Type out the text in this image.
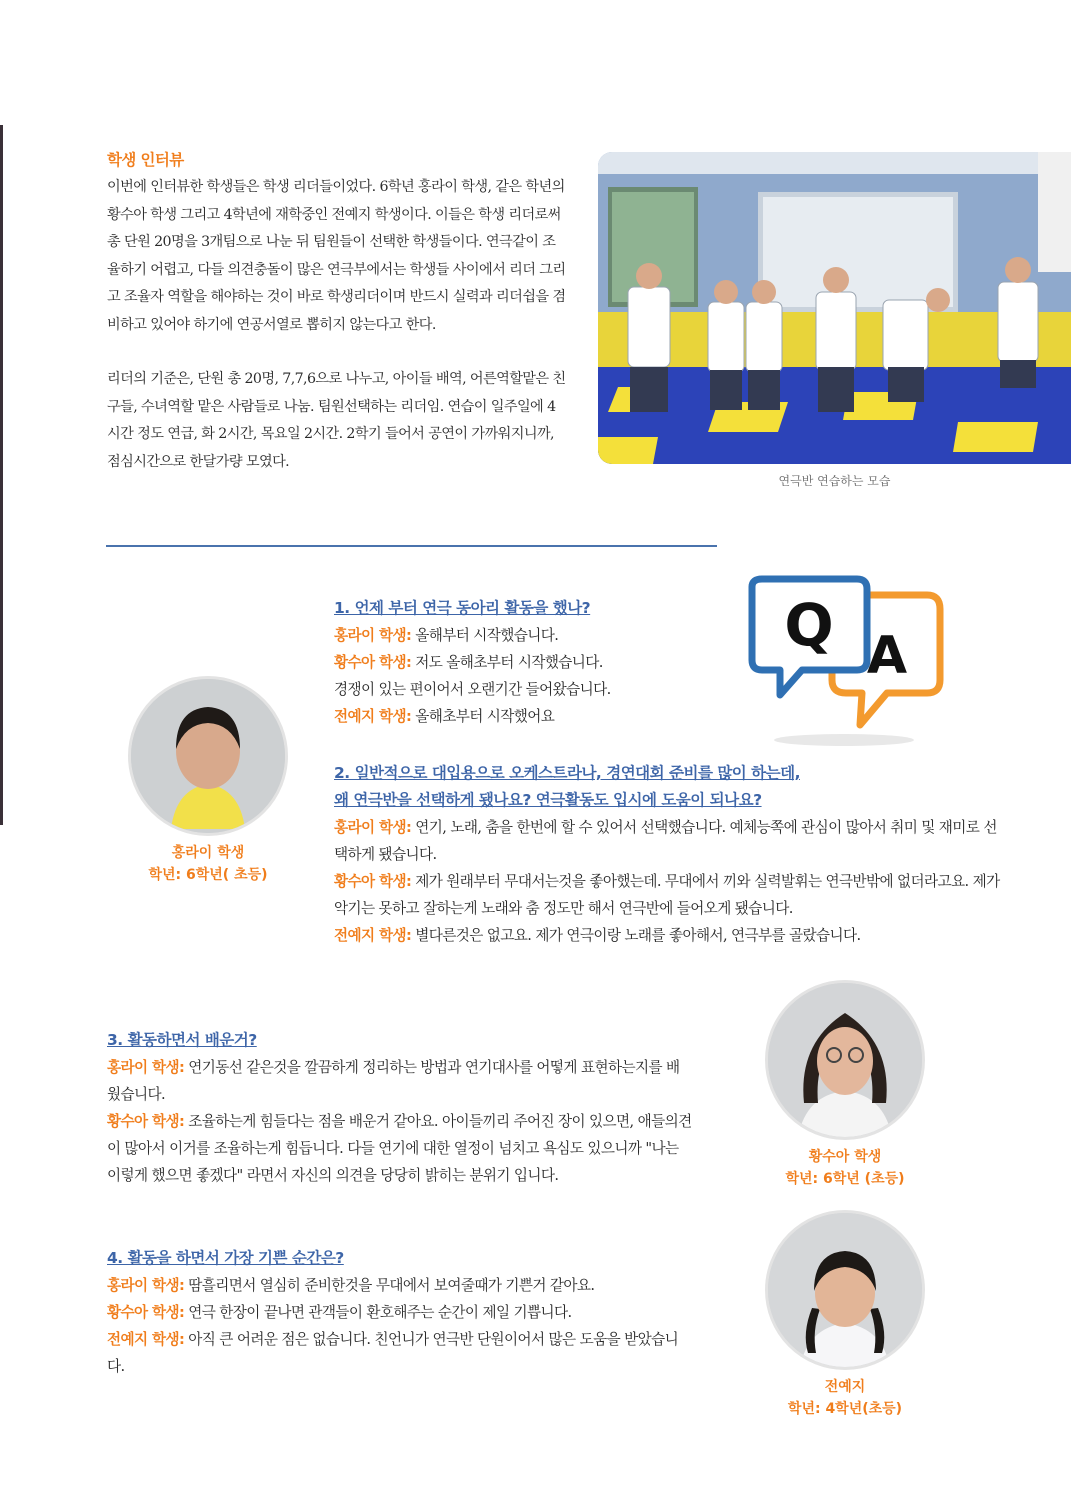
학생 인터뷰

이번에 인터뷰한 학생들은 학생 리더들이었다. 6학년 홍라이 학생, 같은 학년의 황수아 학생 그리고 4학년에 재학중인 전예지 학생이다. 이들은 학생 리더로써 총 단원 20명을 3개팀으로 나눈 뒤 팀원들이 선택한 학생들이다. 연극같이 조율하기 어렵고, 다들 의견충돌이 많은 연극부에서는 학생들 사이에서 리더 그리고 조율자 역할을 해야하는 것이 바로 학생리더이며 반드시 실력과 리더쉽을 겸비하고 있어야 하기에 연공서열로 뽑히지 않는다고 한다.

리더의 기준은, 단원 총 20명, 7,7,6으로 나누고, 아이들 배역, 어른역할맡은 친구들, 수녀역할 맡은 사람들로 나눔. 팀원선택하는 리더임. 연습이 일주일에 4시간 정도 연급, 화 2시간, 목요일 2시간. 2학기 들어서 공연이 가까워지니까, 점심시간으로 한달가량 모였다.

연극반 연습하는 모습
Q A
1. 언제 부터 연극 동아리 활동을 했나?

홍라이 학생: 올해부터 시작했습니다.

황수아 학생: 저도 올해초부터 시작했습니다.

경쟁이 있는 편이어서 오랜기간 들어왔습니다.

전예지 학생: 올해초부터 시작했어요

홍라이 학생
학년: 6학년( 초등)
2. 일반적으로 대입용으로 오케스트라나, 경연대회 준비를 많이 하는데,
왜 연극반을 선택하게 됐나요? 연극활동도 입시에 도움이 되나요?

홍라이 학생: 연기, 노래, 춤을 한번에 할 수 있어서 선택했습니다. 예체능쪽에 관심이 많아서 취미 및 재미로 선택하게 됐습니다.

황수아 학생: 제가 원래부터 무대서는것을 좋아했는데. 무대에서 끼와 실력발휘는 연극반밖에 없더라고요. 제가 악기는 못하고 잘하는게 노래와 춤 정도만 해서 연극반에 들어오게 됐습니다.

전예지 학생: 별다른것은 없고요. 제가 연극이랑 노래를 좋아해서, 연극부를 골랐습니다.

3. 활동하면서 배운거?

홍라이 학생: 연기동선 같은것을 깔끔하게 정리하는 방법과 연기대사를 어떻게 표현하는지를 배웠습니다.

황수아 학생: 조율하는게 힘들다는 점을 배운거 같아요. 아이들끼리 주어진 장이 있으면, 애들의견이 많아서 이거를 조율하는게 힘듭니다. 다들 연기에 대한 열정이 넘치고 욕심도 있으니까 "나는 이렇게 했으면 좋겠다" 라면서 자신의 의견을 당당히 밝히는 분위기 입니다.

4. 활동을 하면서 가장 기쁜 순간은?

홍라이 학생: 땀흘리면서 열심히 준비한것을 무대에서 보여줄때가 기쁜거 같아요.

황수아 학생: 연극 한장이 끝나면 관객들이 환호해주는 순간이 제일 기쁩니다.

전예지 학생: 아직 큰 어려운 점은 없습니다. 친언니가 연극반 단원이어서 많은 도움을 받았습니다.

황수아 학생
학년: 6학년 (초등)
전예지
학년: 4학년(초등)
